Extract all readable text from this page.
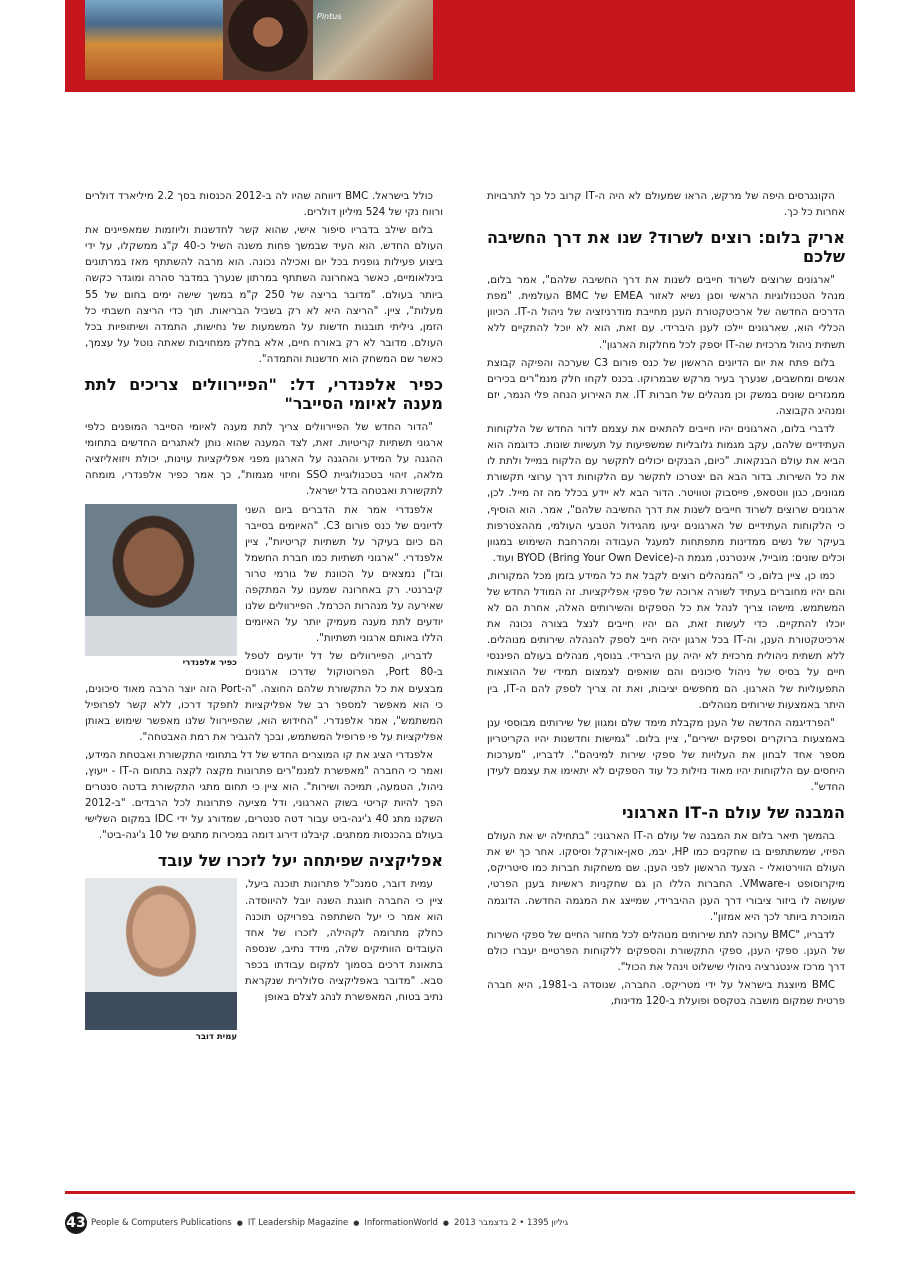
Pintus

הקונגרסים היפה של מרקש, הראו שמעולם לא היה ה-IT קרוב כל כך לתרבויות אחרות כל כך.

אריק בלום: רוצים לשרוד? שנו את דרך החשיבה שלכם

"ארגונים שרוצים לשרוד חייבים לשנות את דרך החשיבה שלהם", אמר בלום, מנהל הטכנולוגיות הראשי וסגן נשיא לאזור EMEA של BMC העולמית. "מפת הדרכים החדשה של ארכיטקטורת הענן מחייבת מודרניזציה של ניהול ה-IT. הכיוון הכללי הוא, שארגונים יילכו לענן היברידי. עם זאת, הוא לא יוכל להתקיים ללא תשתית ניהול מרכזית שה-IT יספק לכל מחלקות הארגון".

בלום פתח את יום הדיונים הראשון של כנס פורום C3 שערכה והפיקה קבוצת אנשים ומחשבים, שנערך בעיר מרקש שבמרוקו. בכנס לקחו חלק מנמ"רים בכירים ממגזרים שונים במשק וכן מנהלים של חברות IT. את האירוע הנחה פלי הנמר, יזם ומנהיג הקבוצה.

לדברי בלום, הארגונים יהיו חייבים להתאים את עצמם לדור החדש של הלקוחות העתידיים שלהם, עקב מגמות גלובליות שמשפיעות על תעשיות שונות. כדוגמה הוא הביא את עולם הבנקאות. "כיום, הבנקים יכולים לתקשר עם הלקוח במייל ולתת לו את כל השירות. בדור הבא הם יצטרכו לתקשר עם הלקוחות דרך ערוצי תקשורת מגוונים, כגון ווטסאפ, פייסבוק וטוויטר. הדור הבא לא יידע בכלל מה זה מייל. לכן, ארגונים שרוצים לשרוד חייבים לשנות את דרך החשיבה שלהם", אמר. הוא הוסיף, כי הלקוחות העתידיים של הארגונים יגיעו מהגידול הטבעי העולמי, מההצטרפות בעיקר של נשים ממדינות מתפתחות למעגל העבודה ומהרחבת השימוש במגוון וכלים שונים: מובייל, אינטרנט, מגמת ה-BYOD (Bring Your Own Device) ועוד.

כמו כן, ציין בלום, כי "המנהלים רוצים לקבל את כל המידע בזמן מכל המקורות, והם יהיו מחוברים בעתיד לשורה ארוכה של ספקי אפליקציות. זה המודל החדש של המשתמש. מישהו צריך לנהל את כל הספקים והשירותים האלה, אחרת הם לא יוכלו להתקיים. כדי לעשות זאת, הם יהיו חייבים לנצל בצורה נכונה את ארכיטקטורת הענן, וה-IT בכל ארגון יהיה חייב לספק להנהלה שירותים מנוהלים. ללא תשתית ניהולית מרכזית לא יהיה ענן היברידי. בנוסף, מנהלים בעולם הפיננסי חיים על בסיס של ניהול סיכונים והם שואפים לצמצום תמידי של ההוצאות התפעוליות של הארגון. הם מחפשים יציבות, ואת זה צריך לספק להם ה-IT, בין היתר באמצעות שירותים מנוהלים.

"הפרדיגמה החדשה של הענן מקבלת מימד שלם ומגוון של שירותים מבוססי ענן באמצעות ברוקרים וספקים ישירים", ציין בלום. "גמישות וחדשנות יהיו הקריטריון מספר אחד לבחון את העלויות של ספקי שירות למיניהם". לדבריו, "מערכות היחסים עם הלקוחות יהיו מאוד נזילות כל עוד הספקים לא יתאימו את עצמם לעידן החדש".

המבנה של עולם ה-IT הארגוני

בהמשך תיאר בלום את המבנה של עולם ה-IT הארגוני: "בתחילה יש את העולם הפיזי, שמשתתפים בו שחקנים כמו HP, יבמ, סאן-אורקל וסיסקו. אחר כך יש את העולם הווירטואלי - הצעד הראשון לפני הענן. שם משחקות חברות כמו סיטריקס, מיקרוסופט ו-VMware. החברות הללו הן גם שחקניות ראשיות בענן הפרטי, שעושה לו ביזור ציבורי דרך הענן ההיברידי, שמייצג את המגמה החדשה. הדוגמה המוכרת ביותר לכך היא אמזון".

לדבריו, "BMC ערוכה לתת שירותים מנוהלים לכל מחזור החיים של ספקי השירות של הענן. ספקי הענן, ספקי התקשורת והספקים ללקוחות הפרטיים יעברו כולם דרך מרכז אינטגרציה ניהולי שישלוט וינהל את הכול".

BMC מיוצגת בישראל על ידי מטריקס. החברה, שנוסדה ב-1981, היא חברה פרטית שמקום מושבה בטקסס ופועלת ב-120 מדינות,

כולל בישראל. BMC דיווחה שהיו לה ב-2012 הכנסות בסך 2.2 מיליארד דולרים ורווח נקי של 524 מיליון דולרים.

בלום שילב בדבריו סיפור אישי, שהוא קשר לחדשנות וליוזמות שמאפיינים את העולם החדש. הוא העיד שבמשך פחות משנה השיל כ-40 ק"ג ממשקלו, על ידי ביצוע פעילות גופנית בכל יום ואכילה נכונה. הוא מרבה להשתתף מאז במרתונים בינלאומיים, כאשר באחרונה השתתף במרתון שנערך במדבר סהרה ומוגדר כקשה ביותר בעולם. "מדובר בריצה של 250 ק"מ במשך שישה ימים בחום של 55 מעלות", ציין. "הריצה היא לא רק בשביל הבריאות. תוך כדי הריצה חשבתי כל הזמן, גיליתי תובנות חדשות על המשמעות של נחישות, התמדה ושיתופיות בכל העולם. מדובר לא רק באורח חיים, אלא בחלק ממחויבות שאתה נוטל על עצמך, כאשר שם המשחק הוא חדשנות והתמדה".

כפיר אלפנדרי, דל: "הפיירוולים צריכים לתת מענה לאיומי הסייבר"

"הדור החדש של הפיירוולים צריך לתת מענה לאיומי הסייבר המופנים כלפי ארגוני תשתיות קריטיות. זאת, לצד המענה שהוא נותן לאתגרים החדשים בתחומי ההגנה על המידע וההגנה על הארגון מפני אפליקציות עוינות, יכולת ויזואליזציה מלאה, זיהוי בטכנולוגיית SSO וחיזוי מגמות", כך אמר כפיר אלפנדרי, מומחה לתקשורת ואבטחה בדל ישראל.

כפיר אלפנדרי

אלפנדרי אמר את הדברים ביום השני לדיונים של כנס פורום C3. "האיומים בסייבר הם כיום בעיקר על תשתיות קריטיות", ציין אלפנדרי. "ארגוני תשתיות כמו חברת החשמל ובז"ן נמצאים על הכוונת של גורמי טרור קיברנטי. רק באחרונה שמענו על המתקפה שאירעה על מנהרות הכרמל. הפיירוולים שלנו יודעים לתת מענה מעמיק יותר על האיומים הללו באותם ארגוני תשתיות".

לדבריו, הפיירוולים של דל יודעים לטפל ב-80 Port, הפרוטוקול שדרכו ארגונים מבצעים את כל התקשורת שלהם החוצה. "ה-Port הזה יוצר הרבה מאוד סיכונים, כי הוא מאפשר למספר רב של אפליקציות לתפקד דרכו, ללא קשר לפרופיל המשתמש", אמר אלפנדרי. "החידוש הוא, שהפיירוול שלנו מאפשר שימוש באותן אפליקציות על פי פרופיל המשתמש, ובכך להגביר את רמת האבטחה".

אלפנדרי הציג את קו המוצרים החדש של דל בתחומי התקשורת ואבטחת המידע, ואמר כי החברה "מאפשרת למנמ"רים פתרונות מקצה לקצה בתחום ה-IT - ייעוץ, ניהול, הטמעה, תמיכה ושירות". הוא ציין כי תחום מתגי התקשורת בדטה סנטרים הפך להיות קריטי בשוק הארגוני, ודל מציעה פתרונות לכל הרבדים. "ב-2012 השקנו מתג 40 ג'יגה-ביט עבור דטה סנטרים, שמדורג על ידי IDC במקום השלישי בעולם בהכנסות ממתגים. קיבלנו דירוג דומה במכירות מתגים של 10 ג'יגה-ביט".

אפליקציה שפיתחה יעל לזכרו של עובד
עמית דובר

עמית דובר, סמנכ"ל פתרונות תוכנה ביעל, ציין כי החברה חוגגת השנה יובל להיווסדה. הוא אמר כי יעל השתתפה בפרויקט תוכנה כחלק מתרומה לקהילה, לזכרו של אחד העובדים הוותיקים שלה, מידד נתיב, שנספה בתאונת דרכים בסמוך למקום עבודתו בכפר סבא. "מדובר באפליקציה סלולרית שנקראת נתיב בטוח, המאפשרת לנהג לצלם באופן

43 People & Computers Publications ● IT Leadership Magazine ● InformationWorld ● גיליון 1395 • 2 בדצמבר 2013
